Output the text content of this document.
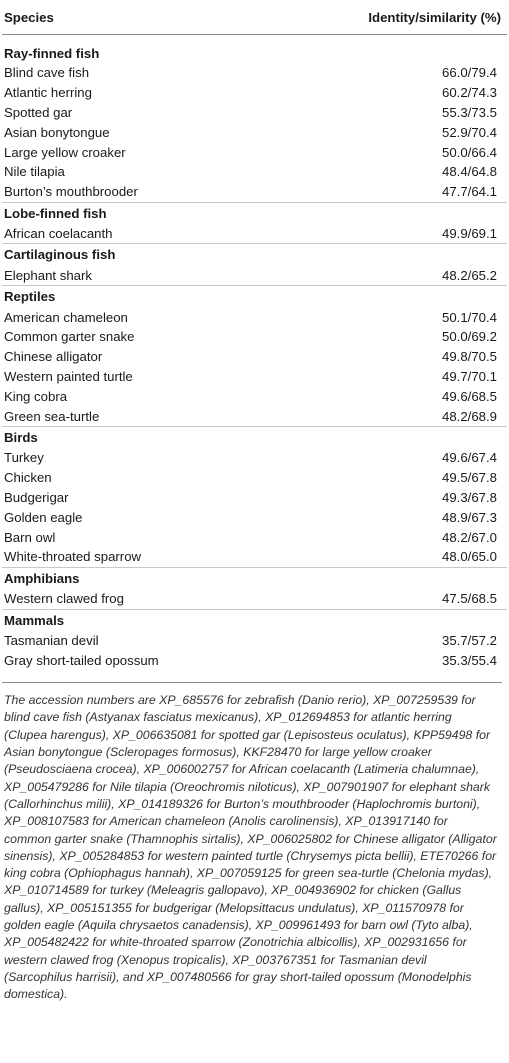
Species	Identity/similarity (%)
Ray-finned fish	
Blind cave fish	66.0/79.4
Atlantic herring	60.2/74.3
Spotted gar	55.3/73.5
Asian bonytongue	52.9/70.4
Large yellow croaker	50.0/66.4
Nile tilapia	48.4/64.8
Burton’s mouthbrooder	47.7/64.1
Lobe-finned fish	
African coelacanth	49.9/69.1
Cartilaginous fish	
Elephant shark	48.2/65.2
Reptiles	
American chameleon	50.1/70.4
Common garter snake	50.0/69.2
Chinese alligator	49.8/70.5
Western painted turtle	49.7/70.1
King cobra	49.6/68.5
Green sea-turtle	48.2/68.9
Birds	
Turkey	49.6/67.4
Chicken	49.5/67.8
Budgerigar	49.3/67.8
Golden eagle	48.9/67.3
Barn owl	48.2/67.0
White-throated sparrow	48.0/65.0
Amphibians	
Western clawed frog	47.5/68.5
Mammals	
Tasmanian devil	35.7/57.2
Gray short-tailed opossum	35.3/55.4
The accession numbers are XP_685576 for zebrafish (Danio rerio), XP_007259539 for blind cave fish (Astyanax fasciatus mexicanus), XP_012694853 for atlantic herring (Clupea harengus), XP_006635081 for spotted gar (Lepisosteus oculatus), KPP59498 for Asian bonytongue (Scleropages formosus), KKF28470 for large yellow croaker (Pseudosciaena crocea), XP_006002757 for African coelacanth (Latimeria chalumnae), XP_005479286 for Nile tilapia (Oreochromis niloticus), XP_007901907 for elephant shark (Callorhinchus milii), XP_014189326 for Burton’s mouthbrooder (Haplochromis burtoni), XP_008107583 for American chameleon (Anolis carolinensis), XP_013917140 for common garter snake (Thamnophis sirtalis), XP_006025802 for Chinese alligator (Alligator sinensis), XP_005284853 for western painted turtle (Chrysemys picta bellii), ETE70266 for king cobra (Ophiophagus hannah), XP_007059125 for green sea-turtle (Chelonia mydas), XP_010714589 for turkey (Meleagris gallopavo), XP_004936902 for chicken (Gallus gallus), XP_005151355 for budgerigar (Melopsittacus undulatus), XP_011570978 for golden eagle (Aquila chrysaetos canadensis), XP_009961493 for barn owl (Tyto alba), XP_005482422 for white-throated sparrow (Zonotrichia albicollis), XP_002931656 for western clawed frog (Xenopus tropicalis), XP_003767351 for Tasmanian devil (Sarcophilus harrisii), and XP_007480566 for gray short-tailed opossum (Monodelphis domestica).
